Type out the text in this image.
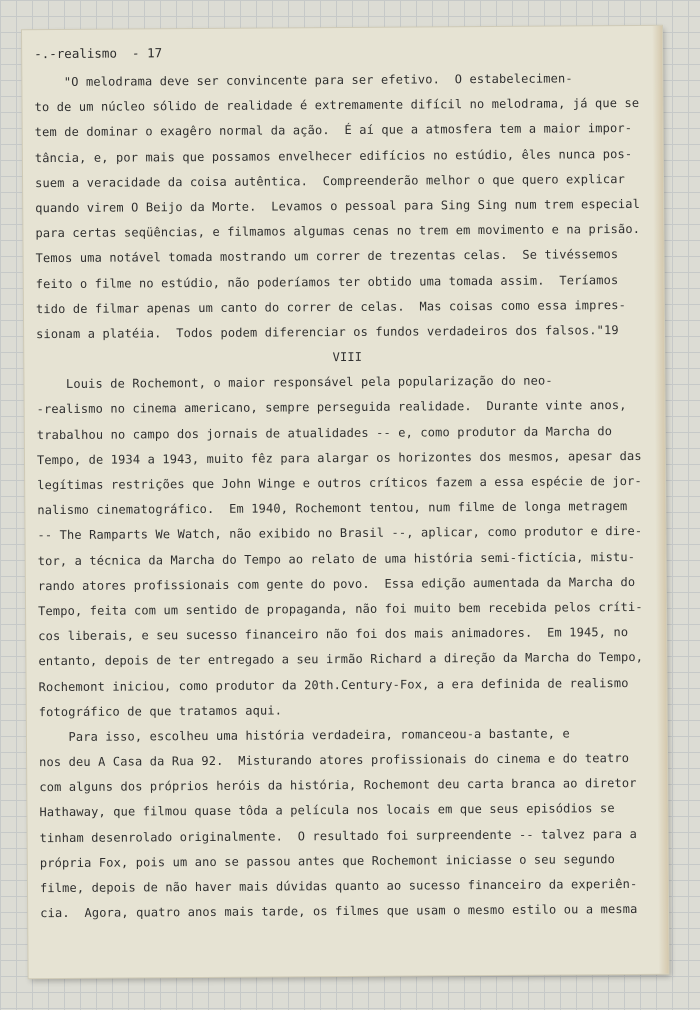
-.-realismo  - 17
"O melodrama deve ser convincente para ser efetivo.  O estabelecimen-
to de um núcleo sólido de realidade é extremamente difícil no melodrama, já que se
tem de dominar o exagêro normal da ação.  É aí que a atmosfera tem a maior impor-
tância, e, por mais que possamos envelhecer edifícios no estúdio, êles nunca pos-
suem a veracidade da coisa autêntica.  Compreenderão melhor o que quero explicar
quando virem O Beijo da Morte.  Levamos o pessoal para Sing Sing num trem especial
para certas seqüências, e filmamos algumas cenas no trem em movimento e na prisão.
Temos uma notável tomada mostrando um correr de trezentas celas.  Se tivéssemos
feito o filme no estúdio, não poderíamos ter obtido uma tomada assim.  Teríamos
tido de filmar apenas um canto do correr de celas.  Mas coisas como essa impres-
sionam a platéia.  Todos podem diferenciar os fundos verdadeiros dos falsos."19
VIII
Louis de Rochemont, o maior responsável pela popularização do neo-
-realismo no cinema americano, sempre perseguida realidade.  Durante vinte anos,
trabalhou no campo dos jornais de atualidades -- e, como produtor da Marcha do
Tempo, de 1934 a 1943, muito fêz para alargar os horizontes dos mesmos, apesar das
legítimas restrições que John Winge e outros críticos fazem a essa espécie de jor-
nalismo cinematográfico.  Em 1940, Rochemont tentou, num filme de longa metragem
-- The Ramparts We Watch, não exibido no Brasil --, aplicar, como produtor e dire-
tor, a técnica da Marcha do Tempo ao relato de uma história semi-fictícia, mistu-
rando atores profissionais com gente do povo.  Essa edição aumentada da Marcha do
Tempo, feita com um sentido de propaganda, não foi muito bem recebida pelos críti-
cos liberais, e seu sucesso financeiro não foi dos mais animadores.  Em 1945, no
entanto, depois de ter entregado a seu irmão Richard a direção da Marcha do Tempo,
Rochemont iniciou, como produtor da 20th.Century-Fox, a era definida de realismo
fotográfico de que tratamos aqui.
Para isso, escolheu uma história verdadeira, romanceou-a bastante, e
nos deu A Casa da Rua 92.  Misturando atores profissionais do cinema e do teatro
com alguns dos próprios heróis da história, Rochemont deu carta branca ao diretor
Hathaway, que filmou quase tôda a película nos locais em que seus episódios se
tinham desenrolado originalmente.  O resultado foi surpreendente -- talvez para a
própria Fox, pois um ano se passou antes que Rochemont iniciasse o seu segundo
filme, depois de não haver mais dúvidas quanto ao sucesso financeiro da experiên-
cia.  Agora, quatro anos mais tarde, os filmes que usam o mesmo estilo ou a mesma
